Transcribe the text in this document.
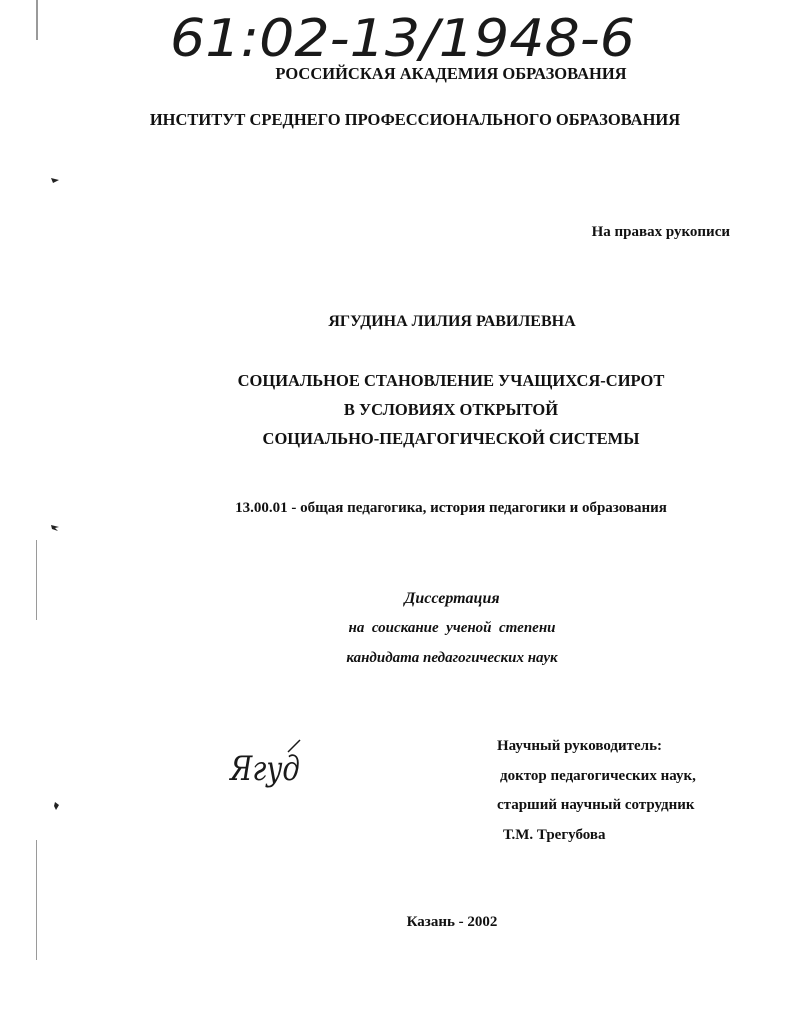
61:02-13/1948-6
РОССИЙСКАЯ АКАДЕМИЯ ОБРАЗОВАНИЯ
ИНСТИТУТ СРЕДНЕГО ПРОФЕССИОНАЛЬНОГО ОБРАЗОВАНИЯ
На правах рукописи
ЯГУДИНА ЛИЛИЯ РАВИЛЕВНА
СОЦИАЛЬНОЕ СТАНОВЛЕНИЕ УЧАЩИХСЯ-СИРОТ
В УСЛОВИЯХ ОТКРЫТОЙ
СОЦИАЛЬНО-ПЕДАГОГИЧЕСКОЙ СИСТЕМЫ
13.00.01 - общая педагогика, история педагогики и образования
Диссертация
на  соискание  ученой  степени
кандидата педагогических наук
Ягуд
Научный руководитель:
доктор педагогических наук,
старший научный сотрудник
Т.М. Трегубова
Казань - 2002
